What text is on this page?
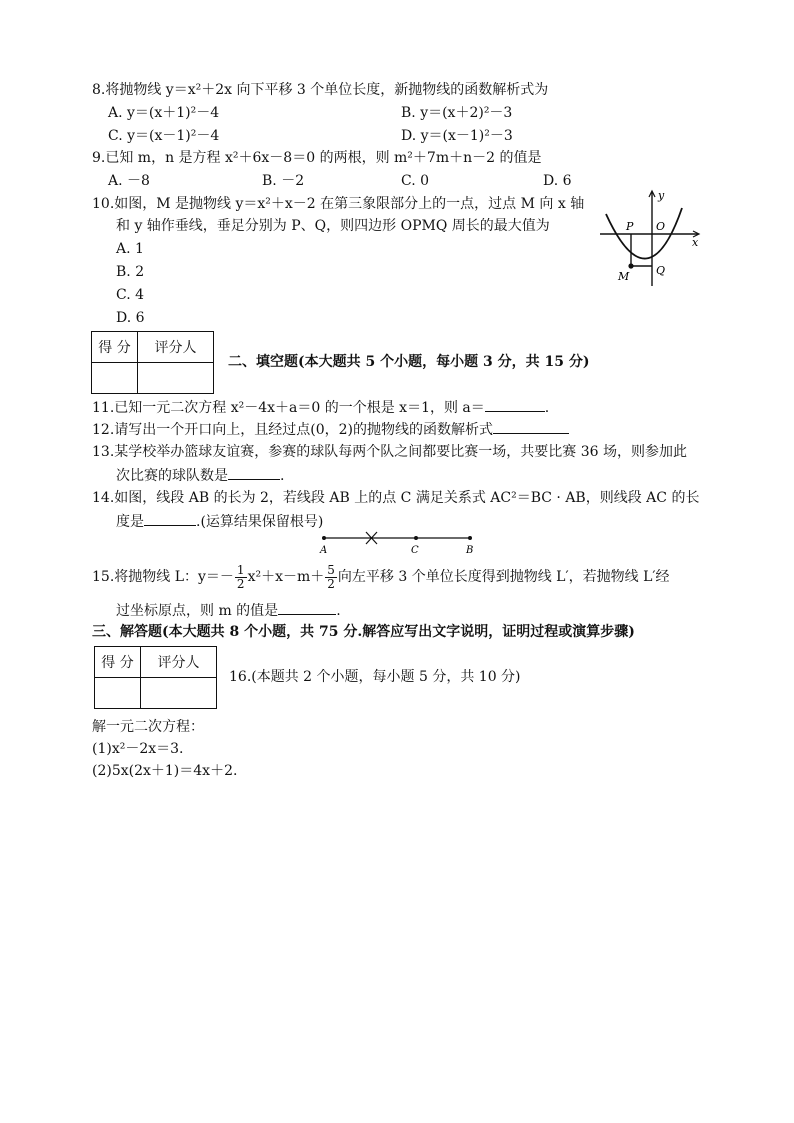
8.将抛物线 y＝x²＋2x 向下平移 3 个单位长度，新抛物线的函数解析式为
A. y＝(x＋1)²－4	B. y＝(x＋2)²－3
C. y＝(x－1)²－4	D. y＝(x－1)²－3
9.已知 m，n 是方程 x²＋6x－8＝0 的两根，则 m²＋7m＋n－2 的值是
A. －8	B. －2	C. 0	D. 6
10.如图，M 是抛物线 y＝x²＋x－2 在第三象限部分上的一点，过点 M 向 x 轴
和 y 轴作垂线，垂足分别为 P、Q，则四边形 OPMQ 周长的最大值为
A. 1
B. 2
C. 4
D. 6
y
x
P O
M Q
得 分	评分人

二、填空题(本大题共 5 个小题，每小题 3 分，共 15 分)
11.已知一元二次方程 x²－4x＋a＝0 的一个根是 x＝1，则 a＝	.
12.请写出一个开口向上，且经过点(0，2)的抛物线的函数解析式
13.某学校举办篮球友谊赛，参赛的球队每两个队之间都要比赛一场，共要比赛 36 场，则参加此
次比赛的球队数是	.
14.如图，线段 AB 的长为 2，若线段 AB 上的点 C 满足关系式 AC²＝BC · AB，则线段 AC 的长
度是	.(运算结果保留根号)
A	C	B
15.将抛物线 L：$y=- \frac{1}{2} x^2+x-m+ \frac{5}{2}$ 向左平移 3 个单位长度得到抛物线 L′，若抛物线 L′经
过坐标原点，则 m 的值是	.
三、解答题(本大题共 8 个小题，共 75 分.解答应写出文字说明，证明过程或演算步骤)
得 分	评分人

16.(本题共 2 个小题，每小题 5 分，共 10 分)
解一元二次方程：
(1)x²－2x＝3.
(2)5x(2x＋1)＝4x＋2.
